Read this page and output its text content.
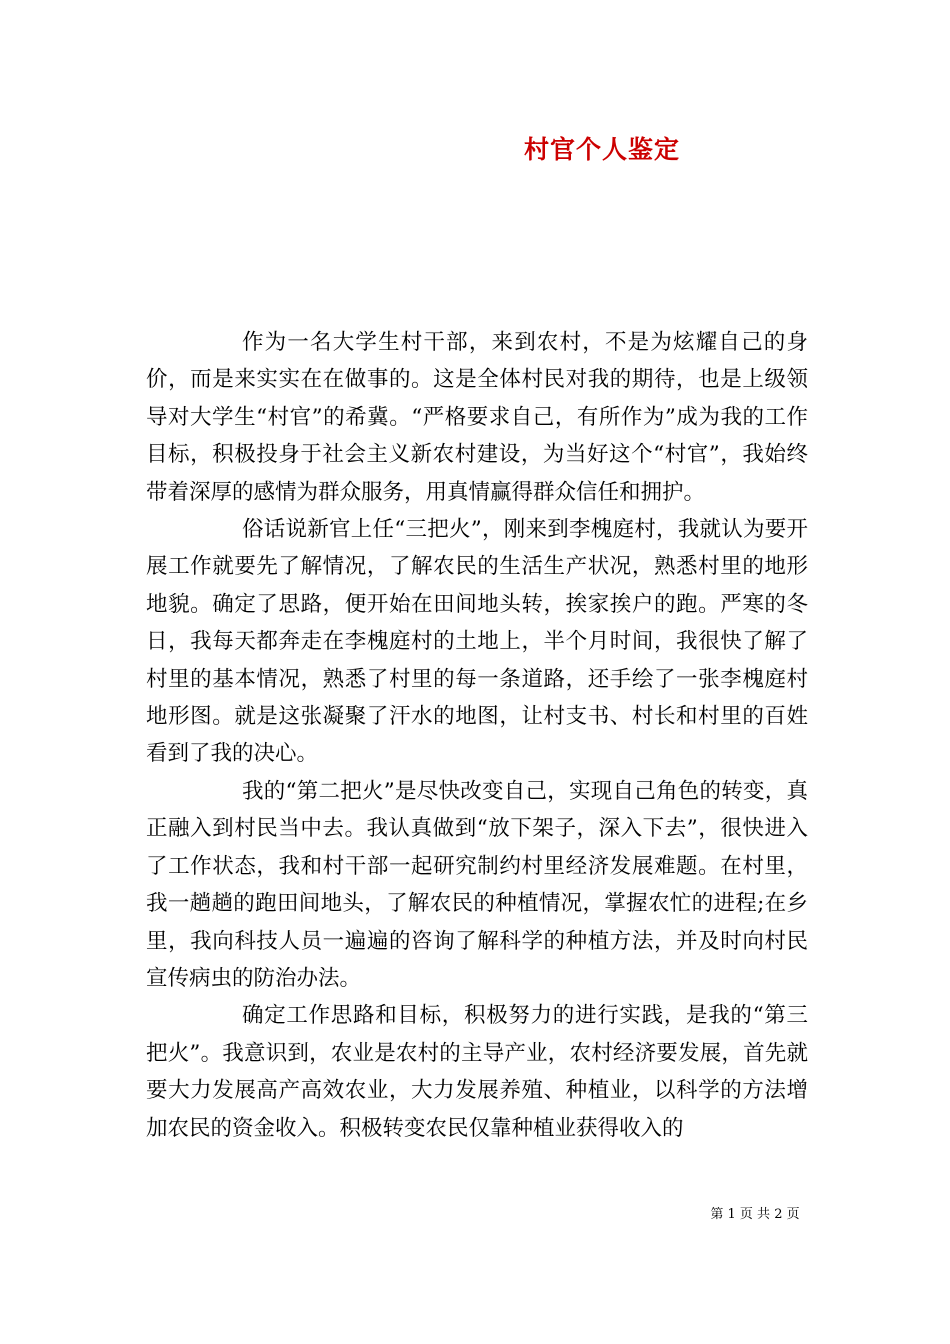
村官个人鉴定

作为一名大学生村干部，来到农村，不是为炫耀自己的身价，而是来实实在在做事的。这是全体村民对我的期待，也是上级领导对大学生“村官”的希冀。“严格要求自己，有所作为”成为我的工作目标，积极投身于社会主义新农村建设，为当好这个“村官”，我始终带着深厚的感情为群众服务，用真情赢得群众信任和拥护。

俗话说新官上任“三把火”，刚来到李槐庭村，我就认为要开展工作就要先了解情况，了解农民的生活生产状况，熟悉村里的地形地貌。确定了思路，便开始在田间地头转，挨家挨户的跑。严寒的冬日，我每天都奔走在李槐庭村的土地上，半个月时间，我很快了解了村里的基本情况，熟悉了村里的每一条道路，还手绘了一张李槐庭村地形图。就是这张凝聚了汗水的地图，让村支书、村长和村里的百姓看到了我的决心。

我的“第二把火”是尽快改变自己，实现自己角色的转变，真正融入到村民当中去。我认真做到“放下架子，深入下去”，很快进入了工作状态，我和村干部一起研究制约村里经济发展难题。在村里，我一趟趟的跑田间地头，了解农民的种植情况，掌握农忙的进程;在乡里，我向科技人员一遍遍的咨询了解科学的种植方法，并及时向村民宣传病虫的防治办法。

确定工作思路和目标，积极努力的进行实践，是我的“第三把火”。我意识到，农业是农村的主导产业，农村经济要发展，首先就要大力发展高产高效农业，大力发展养殖、种植业，以科学的方法增加农民的资金收入。积极转变农民仅靠种植业获得收入的

第 1 页 共 2 页
